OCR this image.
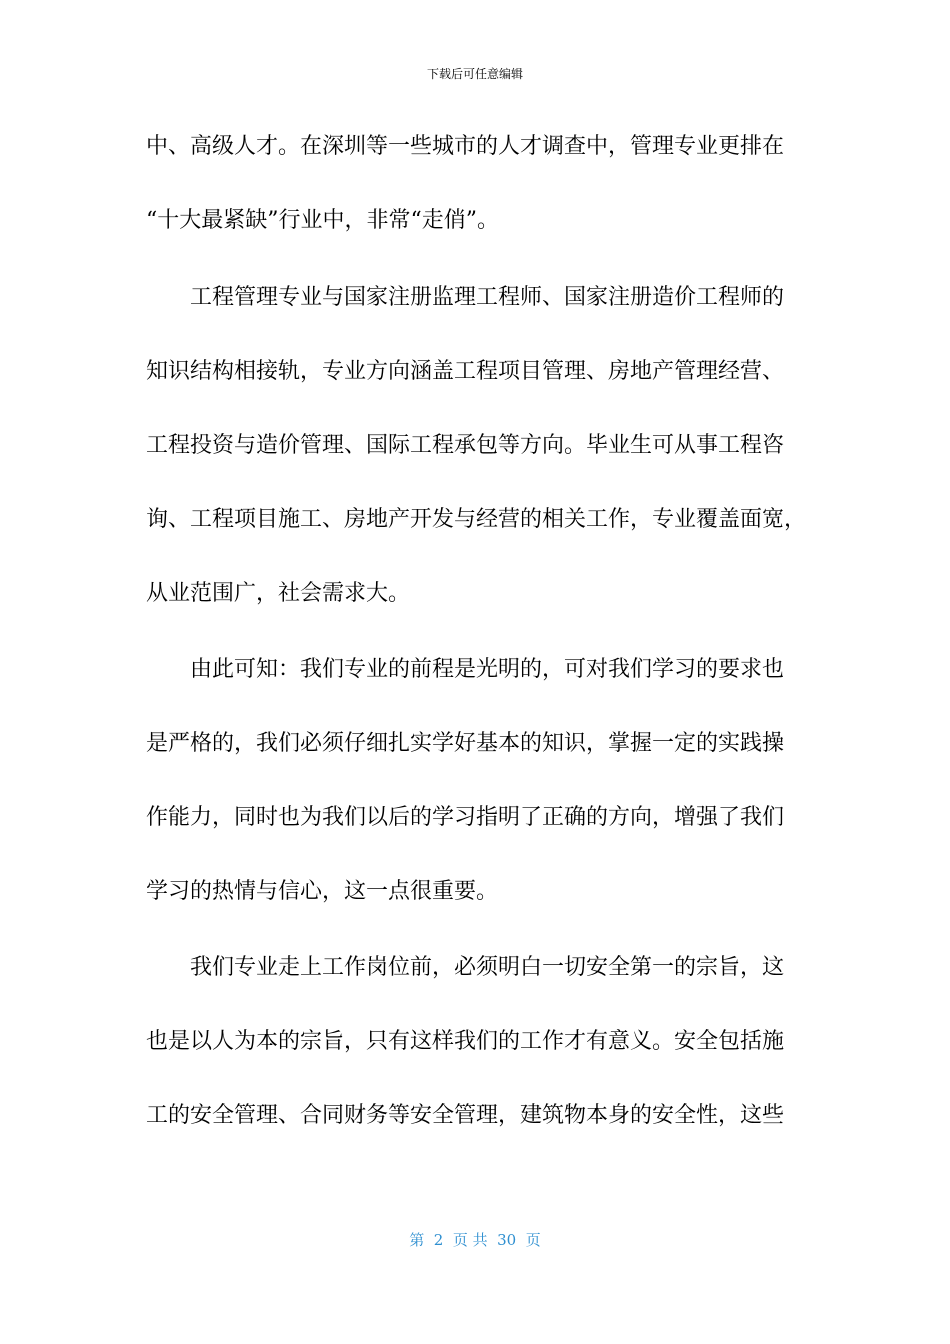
下载后可任意编辑
中、高级人才。在深圳等一些城市的人才调查中，管理专业更排在
“十大最紧缺”行业中，非常“走俏”。
工程管理专业与国家注册监理工程师、国家注册造价工程师的
知识结构相接轨，专业方向涵盖工程项目管理、房地产管理经营、
工程投资与造价管理、国际工程承包等方向。毕业生可从事工程咨
询、工程项目施工、房地产开发与经营的相关工作，专业覆盖面宽，
从业范围广，社会需求大。
由此可知：我们专业的前程是光明的，可对我们学习的要求也
是严格的，我们必须仔细扎实学好基本的知识，掌握一定的实践操
作能力，同时也为我们以后的学习指明了正确的方向，增强了我们
学习的热情与信心，这一点很重要。
我们专业走上工作岗位前，必须明白一切安全第一的宗旨，这
也是以人为本的宗旨，只有这样我们的工作才有意义。安全包括施
工的安全管理、合同财务等安全管理，建筑物本身的安全性，这些
第  2  页 共  30  页
